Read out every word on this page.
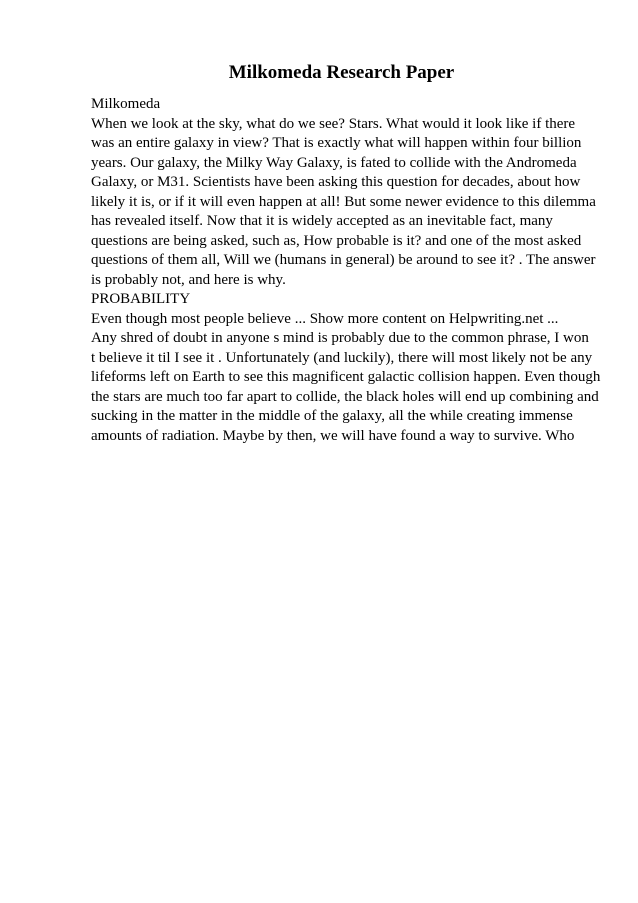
Milkomeda Research Paper
Milkomeda
When we look at the sky, what do we see? Stars. What would it look like if there
was an entire galaxy in view? That is exactly what will happen within four billion
years. Our galaxy, the Milky Way Galaxy, is fated to collide with the Andromeda
Galaxy, or M31. Scientists have been asking this question for decades, about how
likely it is, or if it will even happen at all! But some newer evidence to this dilemma
has revealed itself. Now that it is widely accepted as an inevitable fact, many
questions are being asked, such as, How probable is it? and one of the most asked
questions of them all, Will we (humans in general) be around to see it? . The answer
is probably not, and here is why.
PROBABILITY
Even though most people believe ... Show more content on Helpwriting.net ...
Any shred of doubt in anyone s mind is probably due to the common phrase, I won
t believe it til I see it . Unfortunately (and luckily), there will most likely not be any
lifeforms left on Earth to see this magnificent galactic collision happen. Even though
the stars are much too far apart to collide, the black holes will end up combining and
sucking in the matter in the middle of the galaxy, all the while creating immense
amounts of radiation. Maybe by then, we will have found a way to survive. Who
